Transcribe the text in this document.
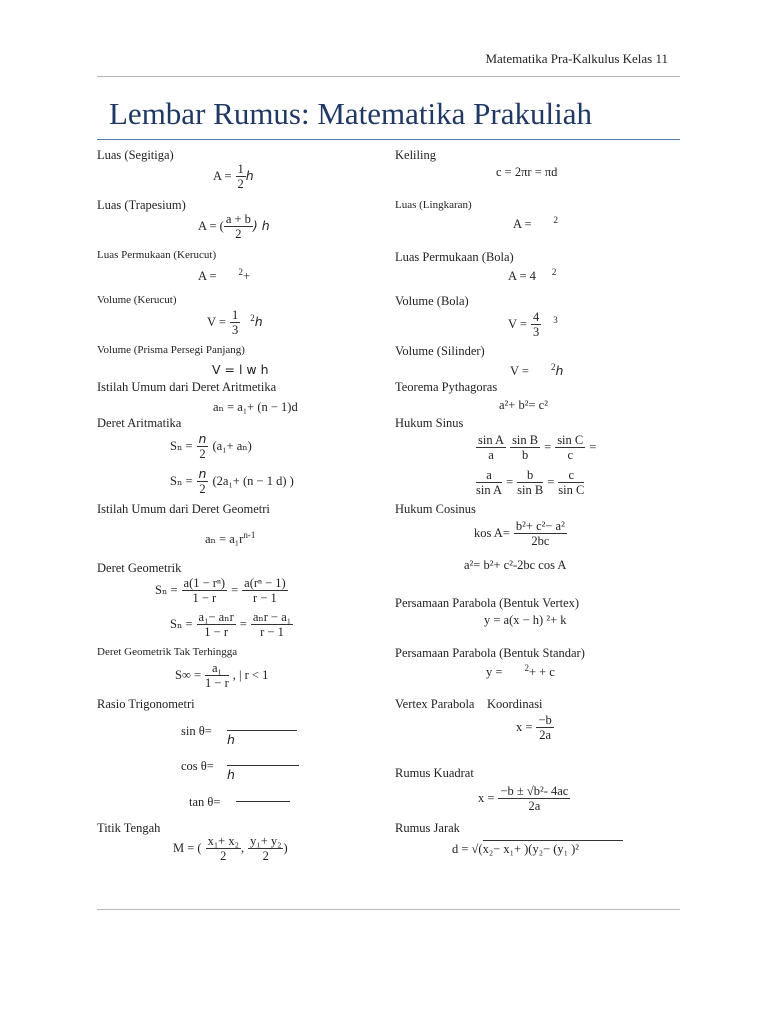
Matematika Pra-Kalkulus Kelas 11
Lembar Rumus: Matematika Prakuliah
Luas (Segitiga)
$A = \frac{1}{2}$ h
Luas (Trapesium)
A = ( $\frac{a + b}{2}$ ) h
Luas Permukaan (Kerucut)
A = $^2$+
Volume (Kerucut)
$V = \frac{1}{3} ^2h$
Volume (Prisma Persegi Panjang)
V = l w h
Istilah Umum dari Deret Aritmetika
aₙ = a₁+ (n − 1)d
Deret Aritmatika
$S_n = \frac{n}{2} (a_1+ a_n)$
$S_n = \frac{n}{2} (2a_1+ (n - 1$ d) )
Istilah Umum dari Deret Geometri
$a_n = a_1r^{n-1}$
Deret Geometrik
$S_n = \frac{\text{a(1 − rⁿ)}}{1 - r} = \frac{\text{a(rⁿ − 1)}}{r - 1}$
$S_n = \frac{\text{a₁− aₙr}}{1 - r} = \frac{\text{aₙr − a₁}}{r - 1}$
Deret Geometrik Tak Terhingga
$S\infty = \frac{\text{a₁}}{1 - r}$ , | r < 1
Rasio Trigonometri
sin θ=
h
cos θ=
h
tan θ=
Titik Tengah
M = ( $\frac{\text{x₁+ x₂}}{2}$ , $\frac{\text{y₁+ y₂}}{2}$ )
Keliling
c = 2πr = πd
Luas (Lingkaran)
A = $^2$
Luas Permukaan (Bola)
A = 4 $^2$
Volume (Bola)
$V = \frac{4}{3} ^3$
Volume (Silinder)
V = $^2$h
Teorema Pythagoras
a²+ b²= c²
Hukum Sinus
$\frac{\text{sin A}}{a}$
$\frac{\text{sin B}}{b} = \frac{\text{sin C}}{c}$ =
$\frac{a}{\text{sin A}} = \frac{b}{\text{sin B}} = \frac{c}{\text{sin C}}$
Hukum Cosinus
kos $A= \frac{\text{b²+ c²− a²}}{2bc}$
a²= b²+ c²-2bc cos A
Persamaan Parabola (Bentuk Vertex)
y = a(x − h) ²+ k
Persamaan Parabola (Bentuk Standar)
y = $^2$+ + c
Vertex Parabola Koordinasi
$x = \frac{-b}{2a}$
Rumus Kuadrat
$x = \frac{\text{−b ± √b²- 4ac}}{2a}$
Rumus Jarak
d = √(x₂− x₁+ )(y₂− (y₁ )²
